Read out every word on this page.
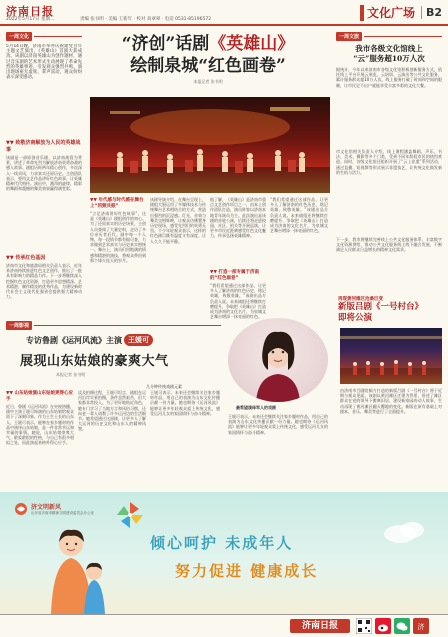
济南日报
2022年5月17日 星期二	责编 张书明 · 美编 王新年 · 校对 高翠翠 · 电话 0531-85196572	文化广场	B2
一周文化
5月14日晚，济南市举办庆祝建党百年主题文艺演出，《英雄山》首演大获成功。该剧以济南英雄山为创作题材，通过音乐剧的艺术形式生动展现了革命先烈的英雄事迹，引发观众强烈共鸣。演出现场座无虚席，掌声雷动，观众纷纷表示深受感动。
▼▼ 致敬济南解放为人民的英雄战事
该剧是一部原创音乐剧，以济南战役为背景，讲述了革命先烈为解放济南英勇奋战的感人故事。剧组历时两年精心创作，多次深入一线采风，力求真实还原历史。主创团队表示，要用文艺作品讲好红色故事，让英雄精神代代相传。演出中，激昂的旋律、精彩的舞蹈和震撼的舞美效果赢得满堂彩。
▼▼ 传承红色基因
济南市文化和旅游局相关负责人表示，近年来济南持续推进红色文艺创作，推出了一批具有影响力的精品力作。下一步将继续深入挖掘红色文化资源，打造更多思想精深、艺术精湛、制作精良的优秀作品，为建设新时代社会主义现代化强省会提供强大精神动力。
“济创”话剧《英雄山》
绘制泉城“红色画卷”
本报记者 张书明
▼▼ 年代感与时代感在舞台上“同频共振”
“立足济南讲好红色故事”，这是《英雄山》剧组创作的初心。为了还原真实的历史场景，主创人员查阅了大量史料，走访了多位亲历者后代。剧中每一个人物、每一段情节都有据可查，力求做到艺术真实与历史真实相统一。舞台上，演员们用饱满的情感和精湛的演技，将观众带回到那个烽火连天的岁月。
该剧导演介绍，在舞台呈现上，剧组大胆运用了多媒体技术与传统舞台艺术相结合的方式，营造出强烈的沉浸感。灯光、音效与舞美交相辉映，让观众仿佛置身历史现场，感受先烈们的英勇无畏。不少年轻观众表示，这样的红色剧目既有温度又有深度，让人久久不能平静。
据了解，《英雄山》是济南市重点文艺创作项目之一，由本土创作团队打造，演员阵容以济南本地青年演员为主。此次演出是该剧的首轮公演，后续还将走进校园、社区、机关等开展巡演，让更多市民近距离感受红色文化魅力，传承弘扬英雄精神。
▼▼ 打造一部专属于济南的“红色画卷”
“我们希望通过这部作品，让更多人了解济南的红色历史，铭记英雄，致敬英雄。”该剧出品方负责人说。未来剧组还将继续打磨提升，争取把《英雄山》打造成为济南的文化名片，为泉城文艺舞台增添一抹亮丽的红色。
“我们希望通过这部作品，让更多人了解济南的红色历史，铭记英雄，致敬英雄。”该剧出品方负责人说。未来剧组还将继续打磨提升，争取把《英雄山》打造成为济南的文化名片，为泉城文艺舞台增添一抹亮丽的红色。
一周影视
专访鲁剧《运河风流》主演 王媛可
展现山东姑娘的豪爽大气
本报记者 张书明
▼▼ 山东姑娘演山东姑娘更得心应手
近日，鲁剧《运河风流》在央视热播，剧中主演王媛可饰演的山东姑娘给观众留下了深刻印象。作为土生土长的山东人，王媛可表示，能够在家乡题材的作品中演绎山东姑娘，是一件非常幸运和幸福的事情。她说，山东姑娘豪爽大气、敢爱敢恨的性格，与自己有很多相似之处，因此演起来格外得心应手。
谈及拍摄过程，王媛可坦言，剧组在运河沿岸实景拍摄，条件虽然艰苦，但大家都非常投入。为了更好地贴近角色，她专门学习了当地方言和风俗习惯，还向老一辈人请教了许多运河边的生活细节。她希望通过这部剧，让更多人了解大运河的历史文化和山东人的精神风貌。
王媛可表示，未来还会继续关注家乡题材作品，用自己的表演为山东文化传播贡献一份力量。她也期待《运河风流》能够让更多年轻观众爱上传统文化，感受运河儿女的家国情怀与奋斗精神。
几分钟传统戏剧元素
最希望演绎军人的戏剧
王媛可表示，未来还会继续关注家乡题材作品，用自己的表演为山东文化传播贡献一份力量。她也期待《运河风流》能够让更多年轻观众爱上传统文化，感受运河儿女的家国情怀与奋斗精神。
一周文旅
我市各级文化馆线上
“云”服务超10万人次
据统计，今年以来济南市各级文化馆积极创新服务方式，依托线上平台开展云展览、云培训、云演出等公共文化服务，累计服务群众超10万人次。线上服务打破了时间和空间的限制，让市民足不出户就能享受丰富多彩的文化大餐。
市文化馆相关负责人介绍，线上课程涵盖舞蹈、声乐、书法、美术、摄影等多个门类，受到不同年龄段市民的热烈欢迎。同时，各级文化馆还组织开展了“云上非遗”系列活动，通过直播、短视频等形式展示非遗技艺，让传统文化焕发新的生机与活力。
下一步，我市将继续完善线上公共文化服务体系，丰富数字文化资源供给，推动公共文化服务线上线下融合发展，不断满足人民群众日益增长的精神文化需求。
再现黄河滩区沧桑巨变
新版吕剧《一号村台》
即将公演
由济南市吕剧院倾力打造的新版吕剧《一号村台》将于近期与观众见面。该剧以黄河滩区迁建为背景，讲述了滩区群众在党的领导下搬离旧居、建设新家园的动人故事，生动再现了黄河滩区翻天覆地的变化。新版在原有基础上对剧本、音乐、舞美等进行了全面提升。
济文明新风
山东省济南市精神文明建设委员会办公室
倾心呵护 未成年人
努力促进 健康成长
济南日报	济
